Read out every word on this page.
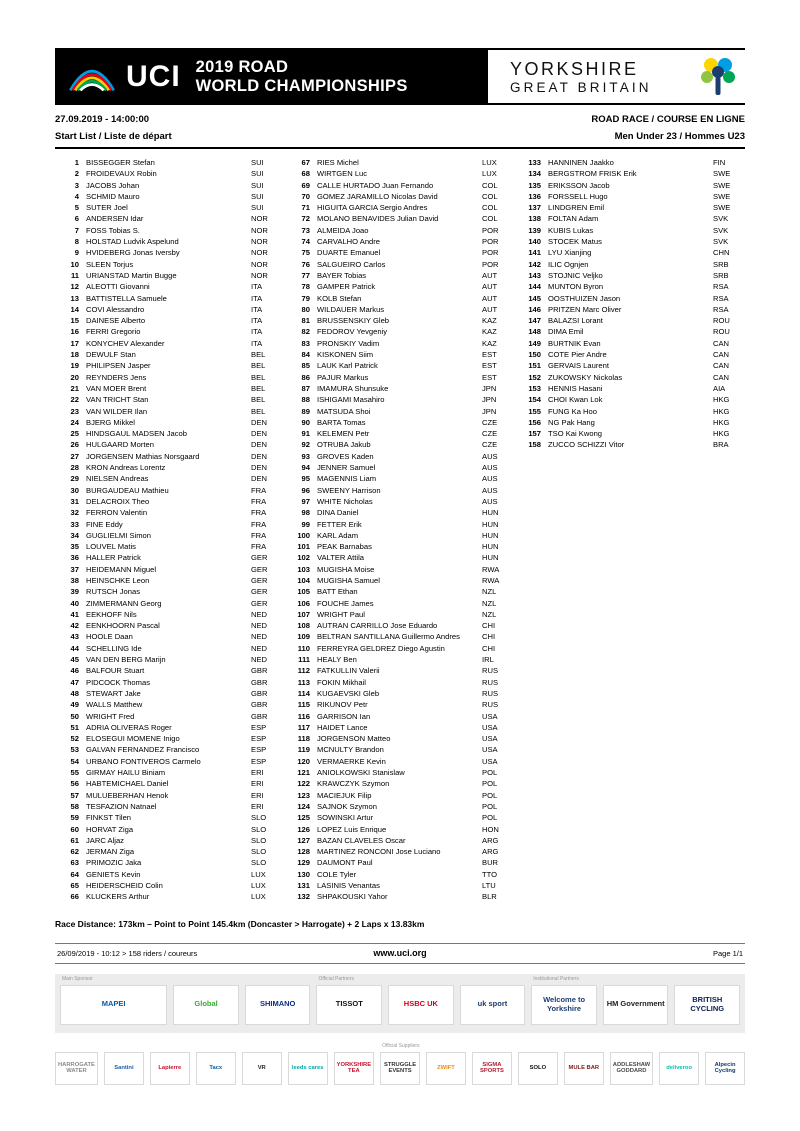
UCI 2019 ROAD
WORLD CHAMPIONSHIPS
YORKSHIRE
GREAT BRITAIN
27.09.2019 - 14:00:00	ROAD RACE / COURSE EN LIGNE
Start List / Liste de départ	Men Under 23 / Hommes U23
1 BISSEGGER Stefan	SUI
2 FROIDEVAUX Robin	SUI
3 JACOBS Johan	SUI
4 SCHMID Mauro	SUI
5 SUTER Joel	SUI
6 ANDERSEN Idar	NOR
7 FOSS Tobias S.	NOR
8 HOLSTAD Ludvik Aspelund	NOR
9 HVIDEBERG Jonas Iversby	NOR
10 SLEEN Torjus	NOR
11 URIANSTAD Martin Bugge	NOR
12 ALEOTTI Giovanni	ITA
13 BATTISTELLA Samuele	ITA
14 COVI Alessandro	ITA
15 DAINESE Alberto	ITA
16 FERRI Gregorio	ITA
17 KONYCHEV Alexander	ITA
18 DEWULF Stan	BEL
19 PHILIPSEN Jasper	BEL
20 REYNDERS Jens	BEL
21 VAN MOER Brent	BEL
22 VAN TRICHT Stan	BEL
23 VAN WILDER Ilan	BEL
24 BJERG Mikkel	DEN
25 HINDSGAUL MADSEN Jacob	DEN
26 HULGAARD Morten	DEN
27 JORGENSEN Mathias Norsgaard	DEN
28 KRON Andreas Lorentz	DEN
29 NIELSEN Andreas	DEN
30 BURGAUDEAU Mathieu	FRA
31 DELACROIX Theo	FRA
32 FERRON Valentin	FRA
33 FINE Eddy	FRA
34 GUGLIELMI Simon	FRA
35 LOUVEL Matis	FRA
36 HALLER Patrick	GER
37 HEIDEMANN Miguel	GER
38 HEINSCHKE Leon	GER
39 RUTSCH Jonas	GER
40 ZIMMERMANN Georg	GER
41 EEKHOFF Nils	NED
42 EENKHOORN Pascal	NED
43 HOOLE Daan	NED
44 SCHELLING Ide	NED
45 VAN DEN BERG Marijn	NED
46 BALFOUR Stuart	GBR
47 PIDCOCK Thomas	GBR
48 STEWART Jake	GBR
49 WALLS Matthew	GBR
50 WRIGHT Fred	GBR
51 ADRIA OLIVERAS Roger	ESP
52 ELOSEGUI MOMENE Inigo	ESP
53 GALVAN FERNANDEZ Francisco	ESP
54 URBANO FONTIVEROS Carmelo	ESP
55 GIRMAY HAILU Biniam	ERI
56 HABTEMICHAEL Daniel	ERI
57 MULUEBERHAN Henok	ERI
58 TESFAZION Natnael	ERI
59 FINKST Tilen	SLO
60 HORVAT Ziga	SLO
61 JARC Aljaz	SLO
62 JERMAN Ziga	SLO
63 PRIMOZIC Jaka	SLO
64 GENIETS Kevin	LUX
65 HEIDERSCHEID Colin	LUX
66 KLUCKERS Arthur	LUX
67 RIES Michel	LUX
68 WIRTGEN Luc	LUX
69 CALLE HURTADO Juan Fernando	COL
70 GOMEZ JARAMILLO Nicolas David	COL
71 HIGUITA GARCIA Sergio Andres	COL
72 MOLANO BENAVIDES Julian David	COL
73 ALMEIDA Joao	POR
74 CARVALHO Andre	POR
75 DUARTE Emanuel	POR
76 SALGUEIRO Carlos	POR
77 BAYER Tobias	AUT
78 GAMPER Patrick	AUT
79 KOLB Stefan	AUT
80 WILDAUER Markus	AUT
81 BRUSSENSKIY Gleb	KAZ
82 FEDOROV Yevgeniy	KAZ
83 PRONSKIY Vadim	KAZ
84 KISKONEN Siim	EST
85 LAUK Karl Patrick	EST
86 PAJUR Markus	EST
87 IMAMURA Shunsuke	JPN
88 ISHIGAMI Masahiro	JPN
89 MATSUDA Shoi	JPN
90 BARTA Tomas	CZE
91 KELEMEN Petr	CZE
92 OTRUBA Jakub	CZE
93 GROVES Kaden	AUS
94 JENNER Samuel	AUS
95 MAGENNIS Liam	AUS
96 SWEENY Harrison	AUS
97 WHITE Nicholas	AUS
98 DINA Daniel	HUN
99 FETTER Erik	HUN
100 KARL Adam	HUN
101 PEAK Barnabas	HUN
102 VALTER Attila	HUN
103 MUGISHA Moise	RWA
104 MUGISHA Samuel	RWA
105 BATT Ethan	NZL
106 FOUCHE James	NZL
107 WRIGHT Paul	NZL
108 AUTRAN CARRILLO Jose Eduardo	CHI
109 BELTRAN SANTILLANA Guillermo Andres	CHI
110 FERREYRA GELDREZ Diego Agustin	CHI
111 HEALY Ben	IRL
112 FATKULLIN Valerii	RUS
113 FOKIN Mikhail	RUS
114 KUGAEVSKI Gleb	RUS
115 RIKUNOV Petr	RUS
116 GARRISON Ian	USA
117 HAIDET Lance	USA
118 JORGENSON Matteo	USA
119 MCNULTY Brandon	USA
120 VERMAERKE Kevin	USA
121 ANIOLKOWSKI Stanislaw	POL
122 KRAWCZYK Szymon	POL
123 MACIEJUK Filip	POL
124 SAJNOK Szymon	POL
125 SOWINSKI Artur	POL
126 LOPEZ Luis Enrique	HON
127 BAZAN CLAVELES Oscar	ARG
128 MARTINEZ RONCONI Jose Luciano	ARG
129 DAUMONT Paul	BUR
130 COLE Tyler	TTO
131 LASINIS Venantas	LTU
132 SHPAKOUSKI Yahor	BLR
133 HANNINEN Jaakko	FIN
134 BERGSTROM FRISK Erik	SWE
135 ERIKSSON Jacob	SWE
136 FORSSELL Hugo	SWE
137 LINDGREN Emil	SWE
138 FOLTAN Adam	SVK
139 KUBIS Lukas	SVK
140 STOCEK Matus	SVK
141 LYU Xianjing	CHN
142 ILIC Ognjen	SRB
143 STOJNIC Veljko	SRB
144 MUNTON Byron	RSA
145 OOSTHUIZEN Jason	RSA
146 PRITZEN Marc Oliver	RSA
147 BALAZSI Lorant	ROU
148 DIMA Emil	ROU
149 BURTNIK Evan	CAN
150 COTE Pier Andre	CAN
151 GERVAIS Laurent	CAN
152 ZUKOWSKY Nickolas	CAN
153 HENNIS Hasani	AIA
154 CHOI Kwan Lok	HKG
155 FUNG Ka Hoo	HKG
156 NG Pak Hang	HKG
157 TSO Kai Kwong	HKG
158 ZUCCO SCHIZZI Vitor	BRA
Race Distance: 173km – Point to Point 145.4km (Doncaster > Harrogate) + 2 Laps x 13.83km
26/09/2019 - 10:12 > 158 riders / coureurs	www.uci.org	Page 1/1
Main Sponsor
MAPEI	Global	SHIMANO
Official Partners
TISSOT	HSBC UK	uk sport
Institutional Partners
Welcome to Yorkshire	HM Government	BRITISH CYCLING
HARROGATE WATER
Santini	Lapierre	Tacx	VR	leeds cares
YORKSHIRE TEA
Official Suppliers
STRUGGLE EVENTS
ZWIFT
SIGMA SPORTS
SOLO	MULE BAR
ADDLESHAW GODDARD
deliveroo
Alpecin Cycling
